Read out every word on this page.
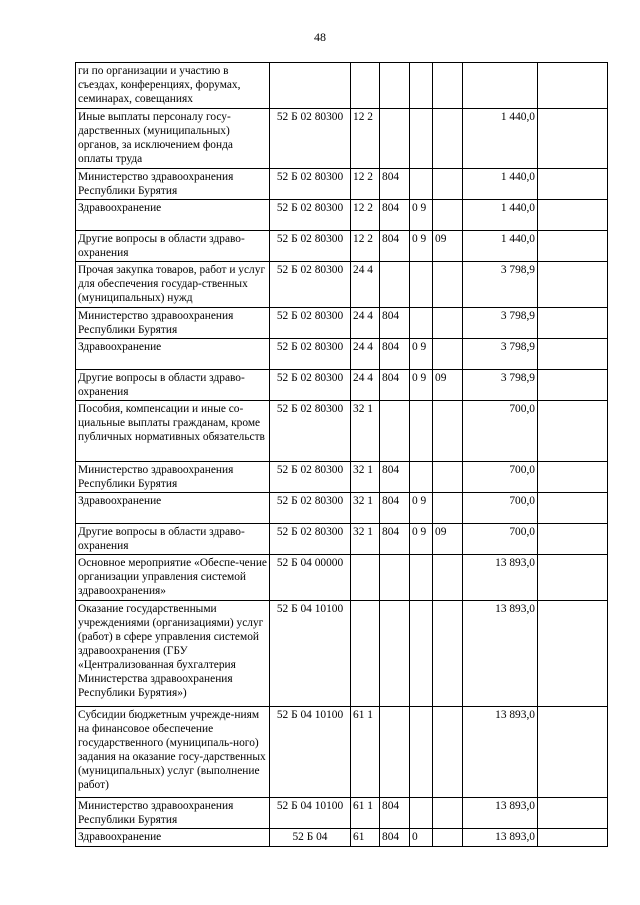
48
ги по организации и участию в съездах, конференциях, форумах, семинарах, совещаниях							
Иные выплаты персоналу госу-дарственных (муниципальных) органов, за исключением фонда оплаты труда	52 Б 02 80300	12 2				1 440,0	
Министерство здравоохранения Республики Бурятия	52 Б 02 80300	12 2	804			1 440,0	
Здравоохранение	52 Б 02 80300	12 2	804	0 9		1 440,0	
Другие вопросы в области здраво-охранения	52 Б 02 80300	12 2	804	0 9	09	1 440,0	
Прочая закупка товаров, работ и услуг для обеспечения государ-ственных (муниципальных) нужд	52 Б 02 80300	24 4				3 798,9	
Министерство здравоохранения Республики Бурятия	52 Б 02 80300	24 4	804			3 798,9	
Здравоохранение	52 Б 02 80300	24 4	804	0 9		3 798,9	
Другие вопросы в области здраво-охранения	52 Б 02 80300	24 4	804	0 9	09	3 798,9	
Пособия, компенсации и иные со-циальные выплаты гражданам, кроме публичных нормативных обязательств	52 Б 02 80300	32 1				700,0	
Министерство здравоохранения Республики Бурятия	52 Б 02 80300	32 1	804			700,0	
Здравоохранение	52 Б 02 80300	32 1	804	0 9		700,0	
Другие вопросы в области здраво-охранения	52 Б 02 80300	32 1	804	0 9	09	700,0	
Основное мероприятие «Обеспе-чение организации управления системой здравоохранения»	52 Б 04 00000					13 893,0	
Оказание государственными учреждениями (организациями) услуг (работ) в сфере управления системой здравоохранения (ГБУ «Централизованная бухгалтерия Министерства здравоохранения Республики Бурятия»)	52 Б 04 10100					13 893,0	
Субсидии бюджетным учрежде-ниям на финансовое обеспечение государственного (муниципаль-ного) задания на оказание госу-дарственных (муниципальных) услуг (выполнение работ)	52 Б 04 10100	61 1				13 893,0	
Министерство здравоохранения Республики Бурятия	52 Б 04 10100	61 1	804			13 893,0	
Здравоохранение	52 Б 04	61	804	0		13 893,0	
